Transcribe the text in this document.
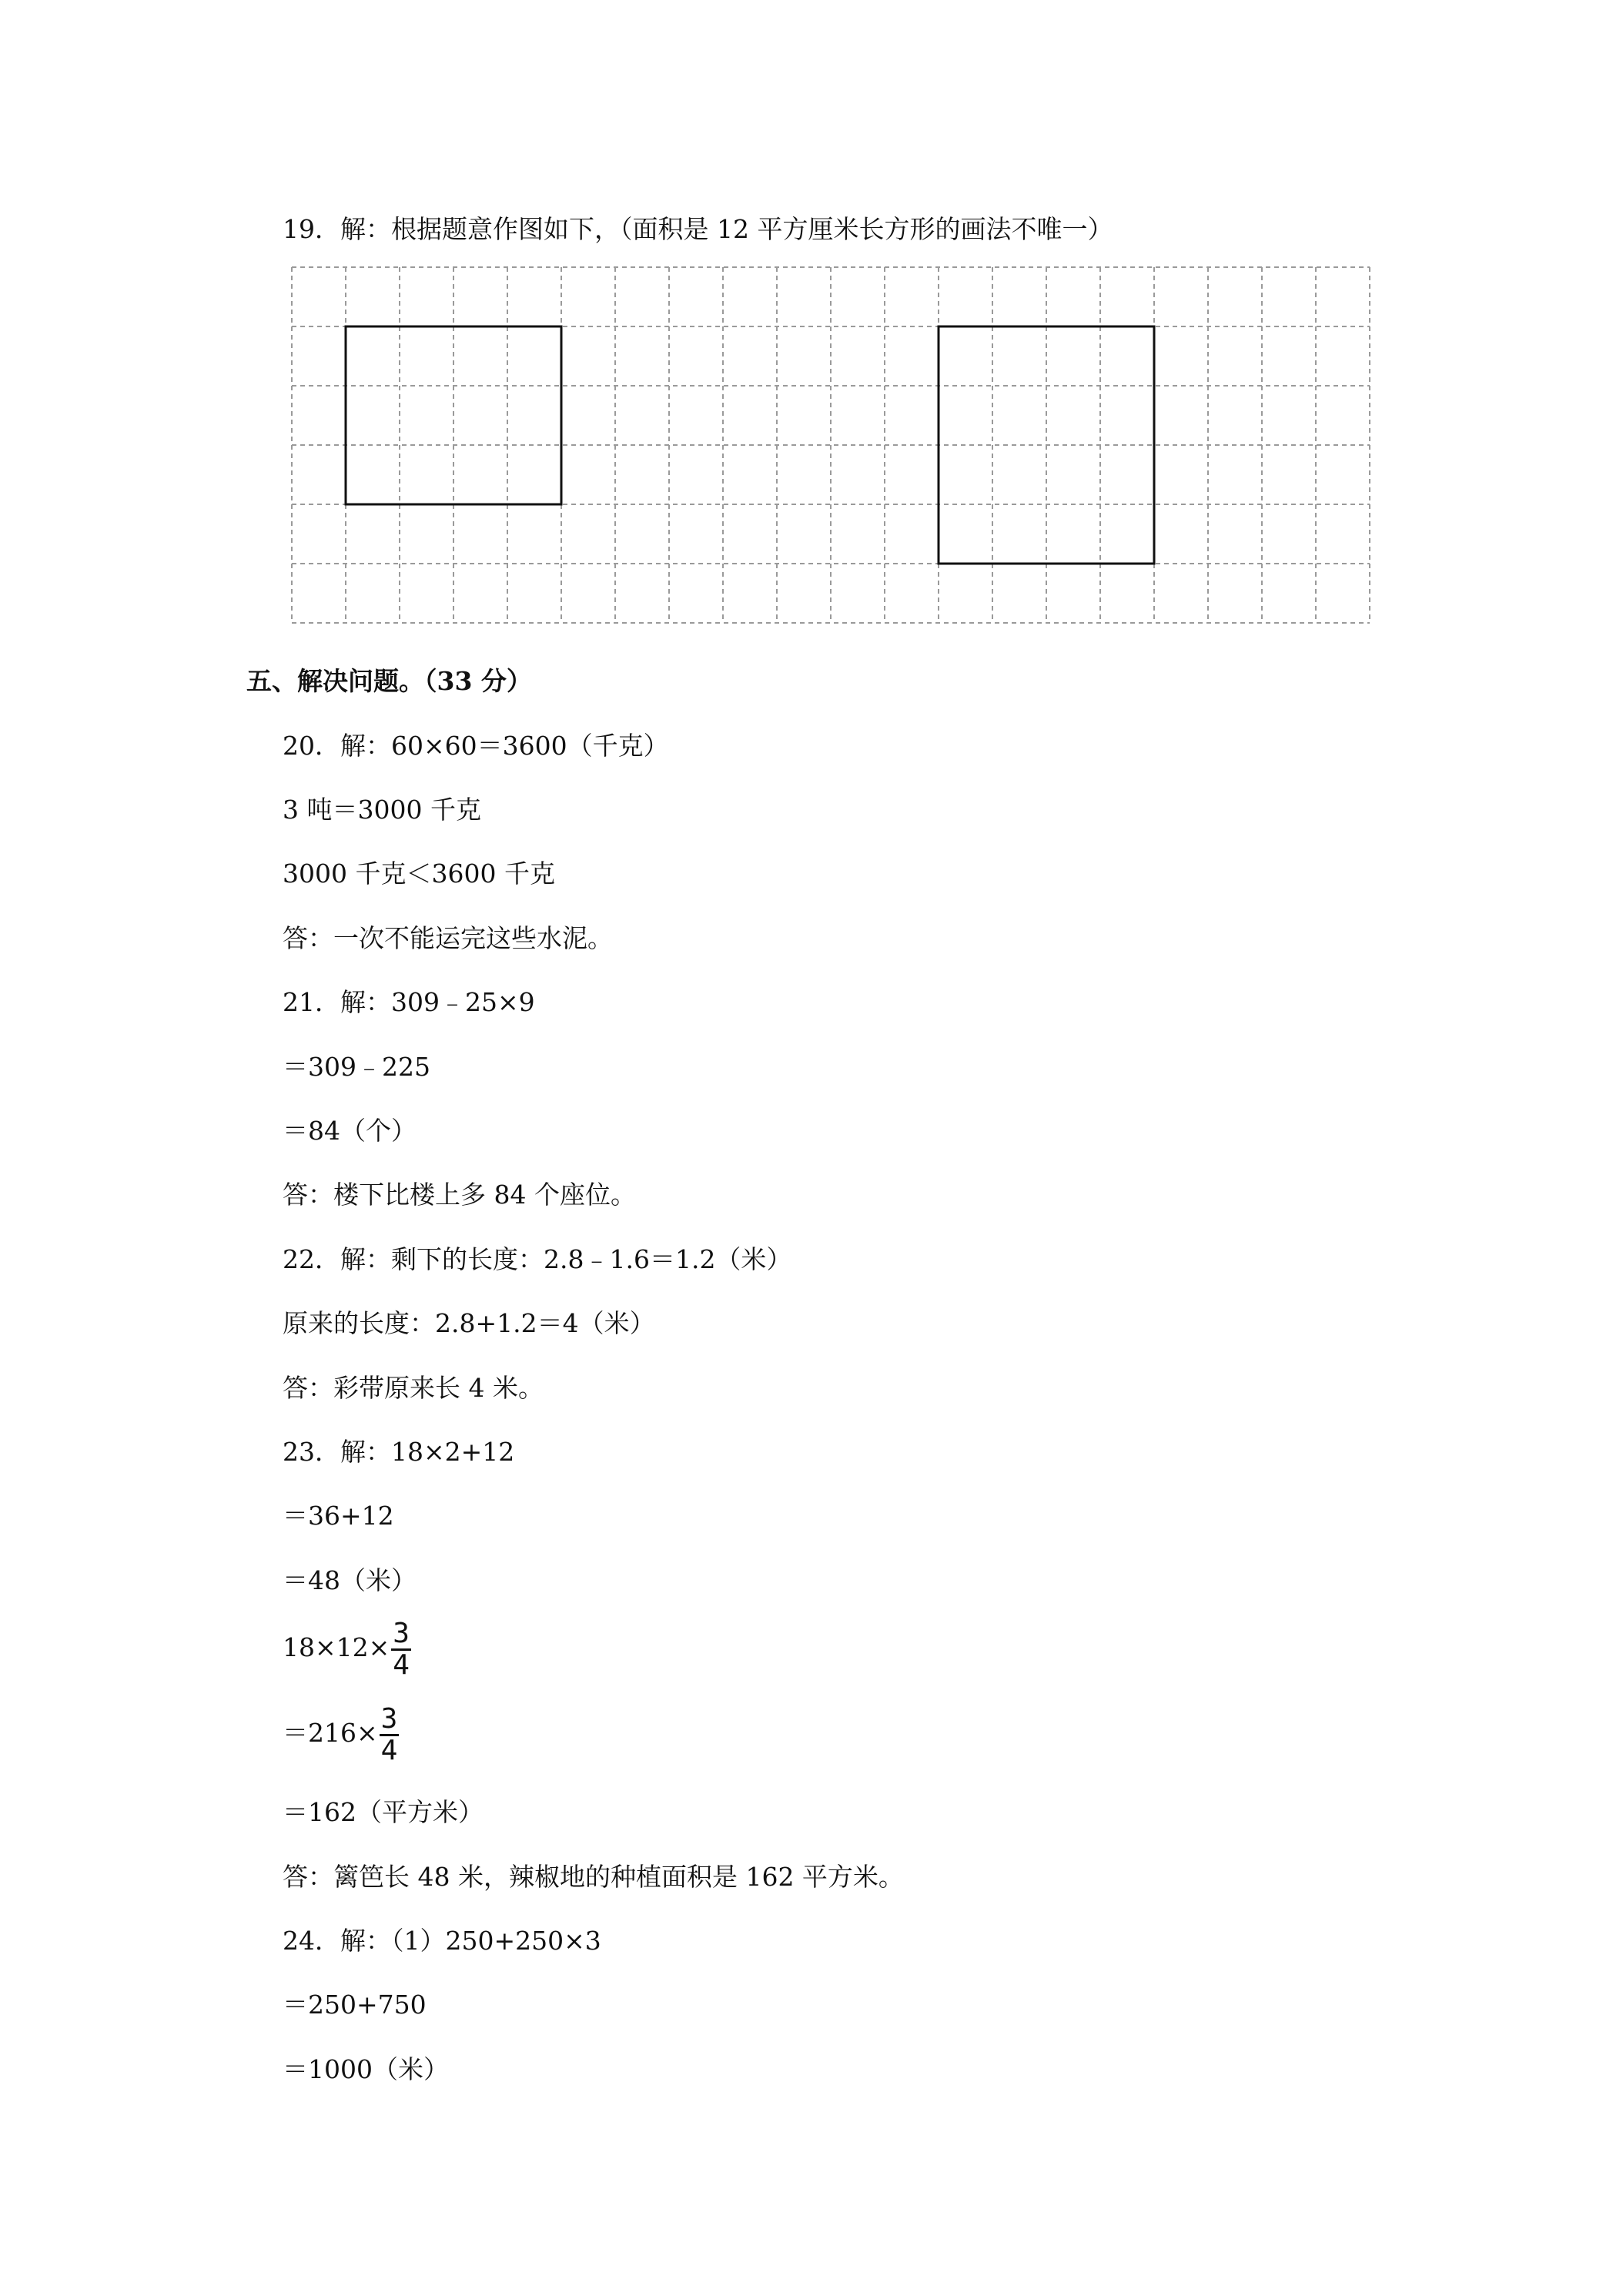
19．解：根据题意作图如下，（面积是 12 平方厘米长方形的画法不唯一）
五、解决问题。（33 分）
20．解：60×60＝3600（千克）
3 吨＝3000 千克
3000 千克＜3600 千克
答：一次不能运完这些水泥。
21．解：309﹣25×9
＝309﹣225
＝84（个）
答：楼下比楼上多 84 个座位。
22．解：剩下的长度：2.8﹣1.6＝1.2（米）
原来的长度：2.8+1.2＝4（米）
答：彩带原来长 4 米。
23．解：18×2+12
＝36+12
＝48（米）
$18\times 12\times \frac{3}{4}$
$=216\times \frac{3}{4}$
＝162（平方米）
答：篱笆长 48 米，辣椒地的种植面积是 162 平方米。
24．解：（1）250+250×3
＝250+750
＝1000（米）
